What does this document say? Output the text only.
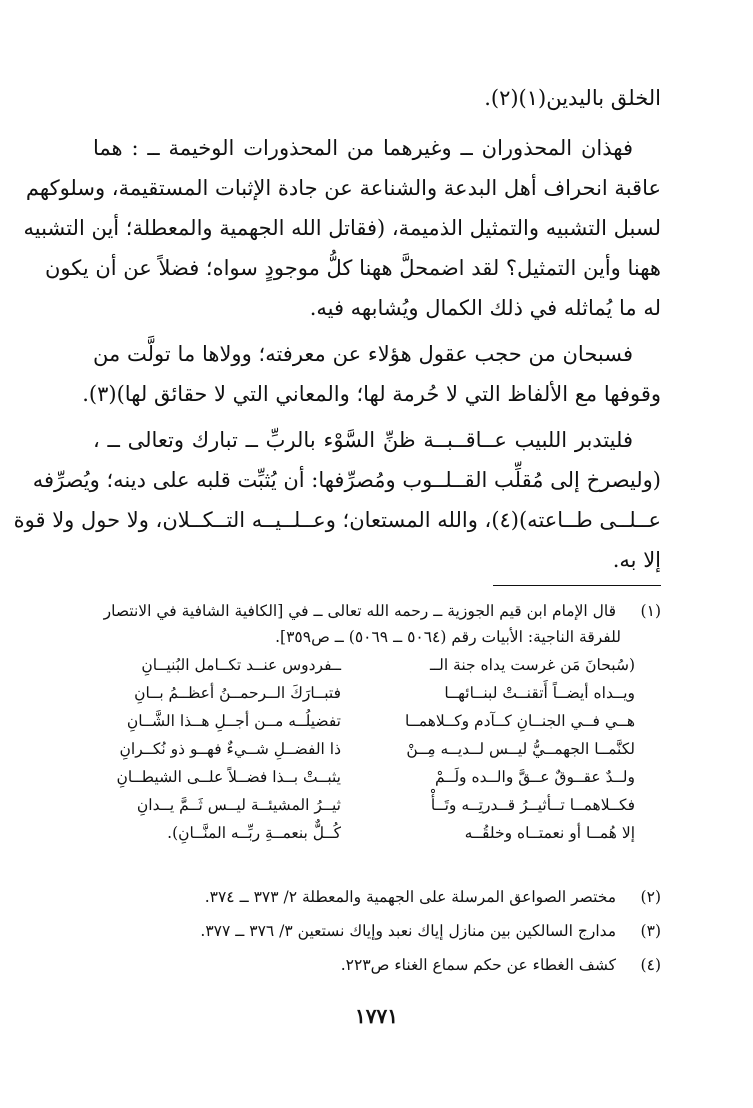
الخلق باليدين(١)(٢).
فهذان المحذوران ــ وغيرهما من المحذورات الوخيمة ــ : هما
عاقبة انحراف أهل البدعة والشناعة عن جادة الإثبات المستقيمة، وسلوكهم
لسبل التشبيه والتمثيل الذميمة، (فقاتل الله الجهمية والمعطلة؛ أين التشبيه
ههنا وأين التمثيل؟ لقد اضمحلَّ ههنا كلُّ موجودٍ سواه؛ فضلاً عن أن يكون
له ما يُماثله في ذلك الكمال ويُشابهه فيه.
فسبحان من حجب عقول هؤلاء عن معرفته؛ وولاها ما تولَّت من
وقوفها مع الألفاظ التي لا حُرمة لها؛ والمعاني التي لا حقائق لها)(٣).
فليتدبر اللبيب عــاقــبــة ظنِّ السَّوْء بالربِّ ــ تبارك وتعالى ــ ،
(وليصرخ إلى مُقلِّب القــلــوب ومُصرِّفها: أن يُثبِّت قلبه على دينه؛ ويُصرِّفه
عــلــى طــاعته)(٤)، والله المستعان؛ وعــلــيــه التــكــلان، ولا حول ولا قوة
إلا به.
(١) قال الإمام ابن قيم الجوزية ــ رحمه الله تعالى ــ في [الكافية الشافية في الانتصار
للفرقة الناجية: الأبيات رقم (٥٠٦٤ ــ ٥٠٦٩) ــ ص٣٥٩].
(سُبحانَ مَن غرست يداه جنة الــ
ــفردوس عنــد تكــامل البُنيــانِ
ويــداه أيضــاً أَتقنــتْ لبنــائهــا
فتبــارَكَ الــرحمــنُ أعظــمُ بــانِ
هــي فــي الجنــانِ كــآدم وكــلاهمــا
تفضيلُــه مــن أجــلِ هــذا الشَّــانِ
لكنَّمــا الجهمــيُّ ليــس لــديــه مِــنْ
ذا الفضــلِ شــيءٌ فهــو ذو نُكــرانِ
ولــدٌ عقــوقٌ عــقَّ والــده ولَــمْ
يثبــتْ بــذا فضــلاً علــى الشيطــانِ
فكــلاهمــا تــأثيــرُ قــدرتِــه وتَــأْ
ثيــرُ المشيئــة ليــس ثَــمَّ يــدانِ
إلا هُمــا أو نعمتــاه وخلقُــه
كُــلٌّ بنعمــةِ ربِّــه المنَّــانِ).
(٢) مختصر الصواعق المرسلة على الجهمية والمعطلة ٢/ ٣٧٣ ــ ٣٧٤.
(٣) مدارج السالكين بين منازل إياك نعبد وإياك نستعين ٣/ ٣٧٦ ــ ٣٧٧.
(٤) كشف الغطاء عن حكم سماع الغناء ص٢٢٣.
١٧٧١
